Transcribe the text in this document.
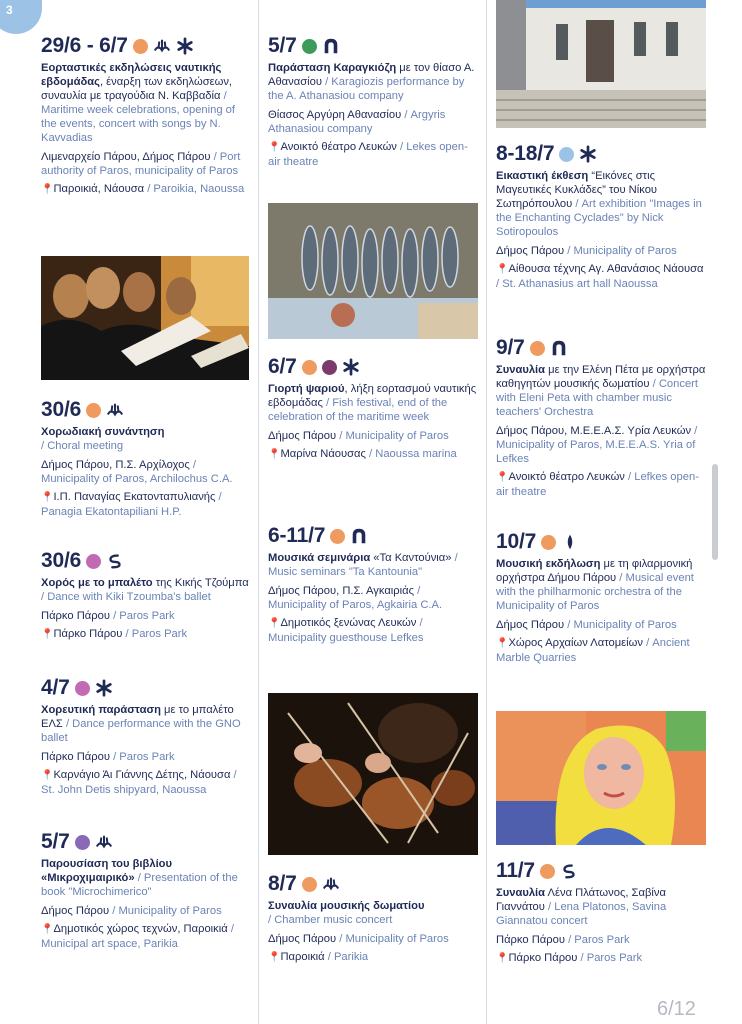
3
29/6 - 6/7
Εορταστικές εκδηλώσεις ναυτικής εβδομάδας, έναρξη των εκδηλώσεων, συναυλία με τραγούδια Ν. Καββαδία / Maritime week celebrations, opening of the events, concert with songs by N. Kavvadias
Λιμεναρχείο Πάρου, Δήμος Πάρου / Port authority of Paros, municipality of Paros
📍Παροικιά, Νάουσα / Paroikia, Naoussa
30/6
Χορωδιακή συνάντηση
/ Choral meeting
Δήμος Πάρου, Π.Σ. Αρχίλοχος / Municipality of Paros, Archilochus C.A.
📍Ι.Π. Παναγίας Εκατονταπυλιανής / Panagia Ekatontapiliani H.P.
30/6
Χορός με το μπαλέτο της Κικής Τζούμπα / Dance with Kiki Tzoumba's ballet
Πάρκο Πάρου / Paros Park
📍Πάρκο Πάρου / Paros Park
4/7
Χορευτική παράσταση με το μπαλέτο ΕΛΣ / Dance performance with the GNO ballet
Πάρκο Πάρου / Paros Park
📍Καρνάγιο Άι Γιάννης Δέτης, Νάουσα / St. John Detis shipyard, Naoussa
5/7
Παρουσίαση του βιβλίου «Μικροχιμαιρικό» / Presentation of the book "Microchimerico"
Δήμος Πάρου / Municipality of Paros
📍Δημοτικός χώρος τεχνών, Παροικιά / Municipal art space, Parikia
5/7
Παράσταση Καραγκιόζη με τον θίασο Α. Αθανασίου / Karagiozis performance by the A. Athanasiou company
Θίασος Αργύρη Αθανασίου / Argyris Athanasiou company
📍Ανοικτό θέατρο Λευκών / Lekes open-air theatre
6/7
Γιορτή ψαριού, λήξη εορτασμού ναυτικής εβδομάδας / Fish festival, end of the celebration of the maritime week
Δήμος Πάρου / Municipality of Paros
📍Μαρίνα Νάουσας / Naoussa marina
6-11/7
Μουσικά σεμινάρια «Τα Καντούνια» / Music seminars "Ta Kantounia"
Δήμος Πάρου, Π.Σ. Αγκαιριάς / Municipality of Paros, Agkairia C.A.
📍Δημοτικός ξενώνας Λευκών / Municipality guesthouse Lefkes
8/7
Συναυλία μουσικής δωματίου
/ Chamber music concert
Δήμος Πάρου / Municipality of Paros
📍Παροικιά / Parikia
8-18/7
Εικαστική έκθεση “Εικόνες στις Μαγευτικές Κυκλάδες” του Νίκου Σωτηρόπουλου / Art exhibition "Images in the Enchanting Cyclades" by Nick Sotiropoulos
Δήμος Πάρου / Municipality of Paros
📍Αίθουσα τέχνης Αγ. Αθανάσιος Νάουσα / St. Athanasius art hall Naoussa
9/7
Συναυλία με την Ελένη Πέτα με ορχήστρα καθηγητών μουσικής δωματίου / Concert with Eleni Peta with chamber music teachers' Orchestra
Δήμος Πάρου, Μ.Ε.Ε.Α.Σ. Υρία Λευκών / Municipality of Paros, M.E.E.A.S. Yria of Lefkes
📍Ανοικτό θέατρο Λευκών / Lefkes open-air theatre
10/7
Μουσική εκδήλωση με τη φιλαρμονική ορχήστρα Δήμου Πάρου / Musical event with the philharmonic orchestra of the Municipality of Paros
Δήμος Πάρου / Municipality of Paros
📍Χώρος Αρχαίων Λατομείων / Ancient Marble Quarries
11/7
Συναυλία Λένα Πλάτωνος, Σαβίνα Γιαννάτου / Lena Platonos, Savina Giannatou concert
Πάρκο Πάρου / Paros Park
📍Πάρκο Πάρου / Paros Park
6/12
